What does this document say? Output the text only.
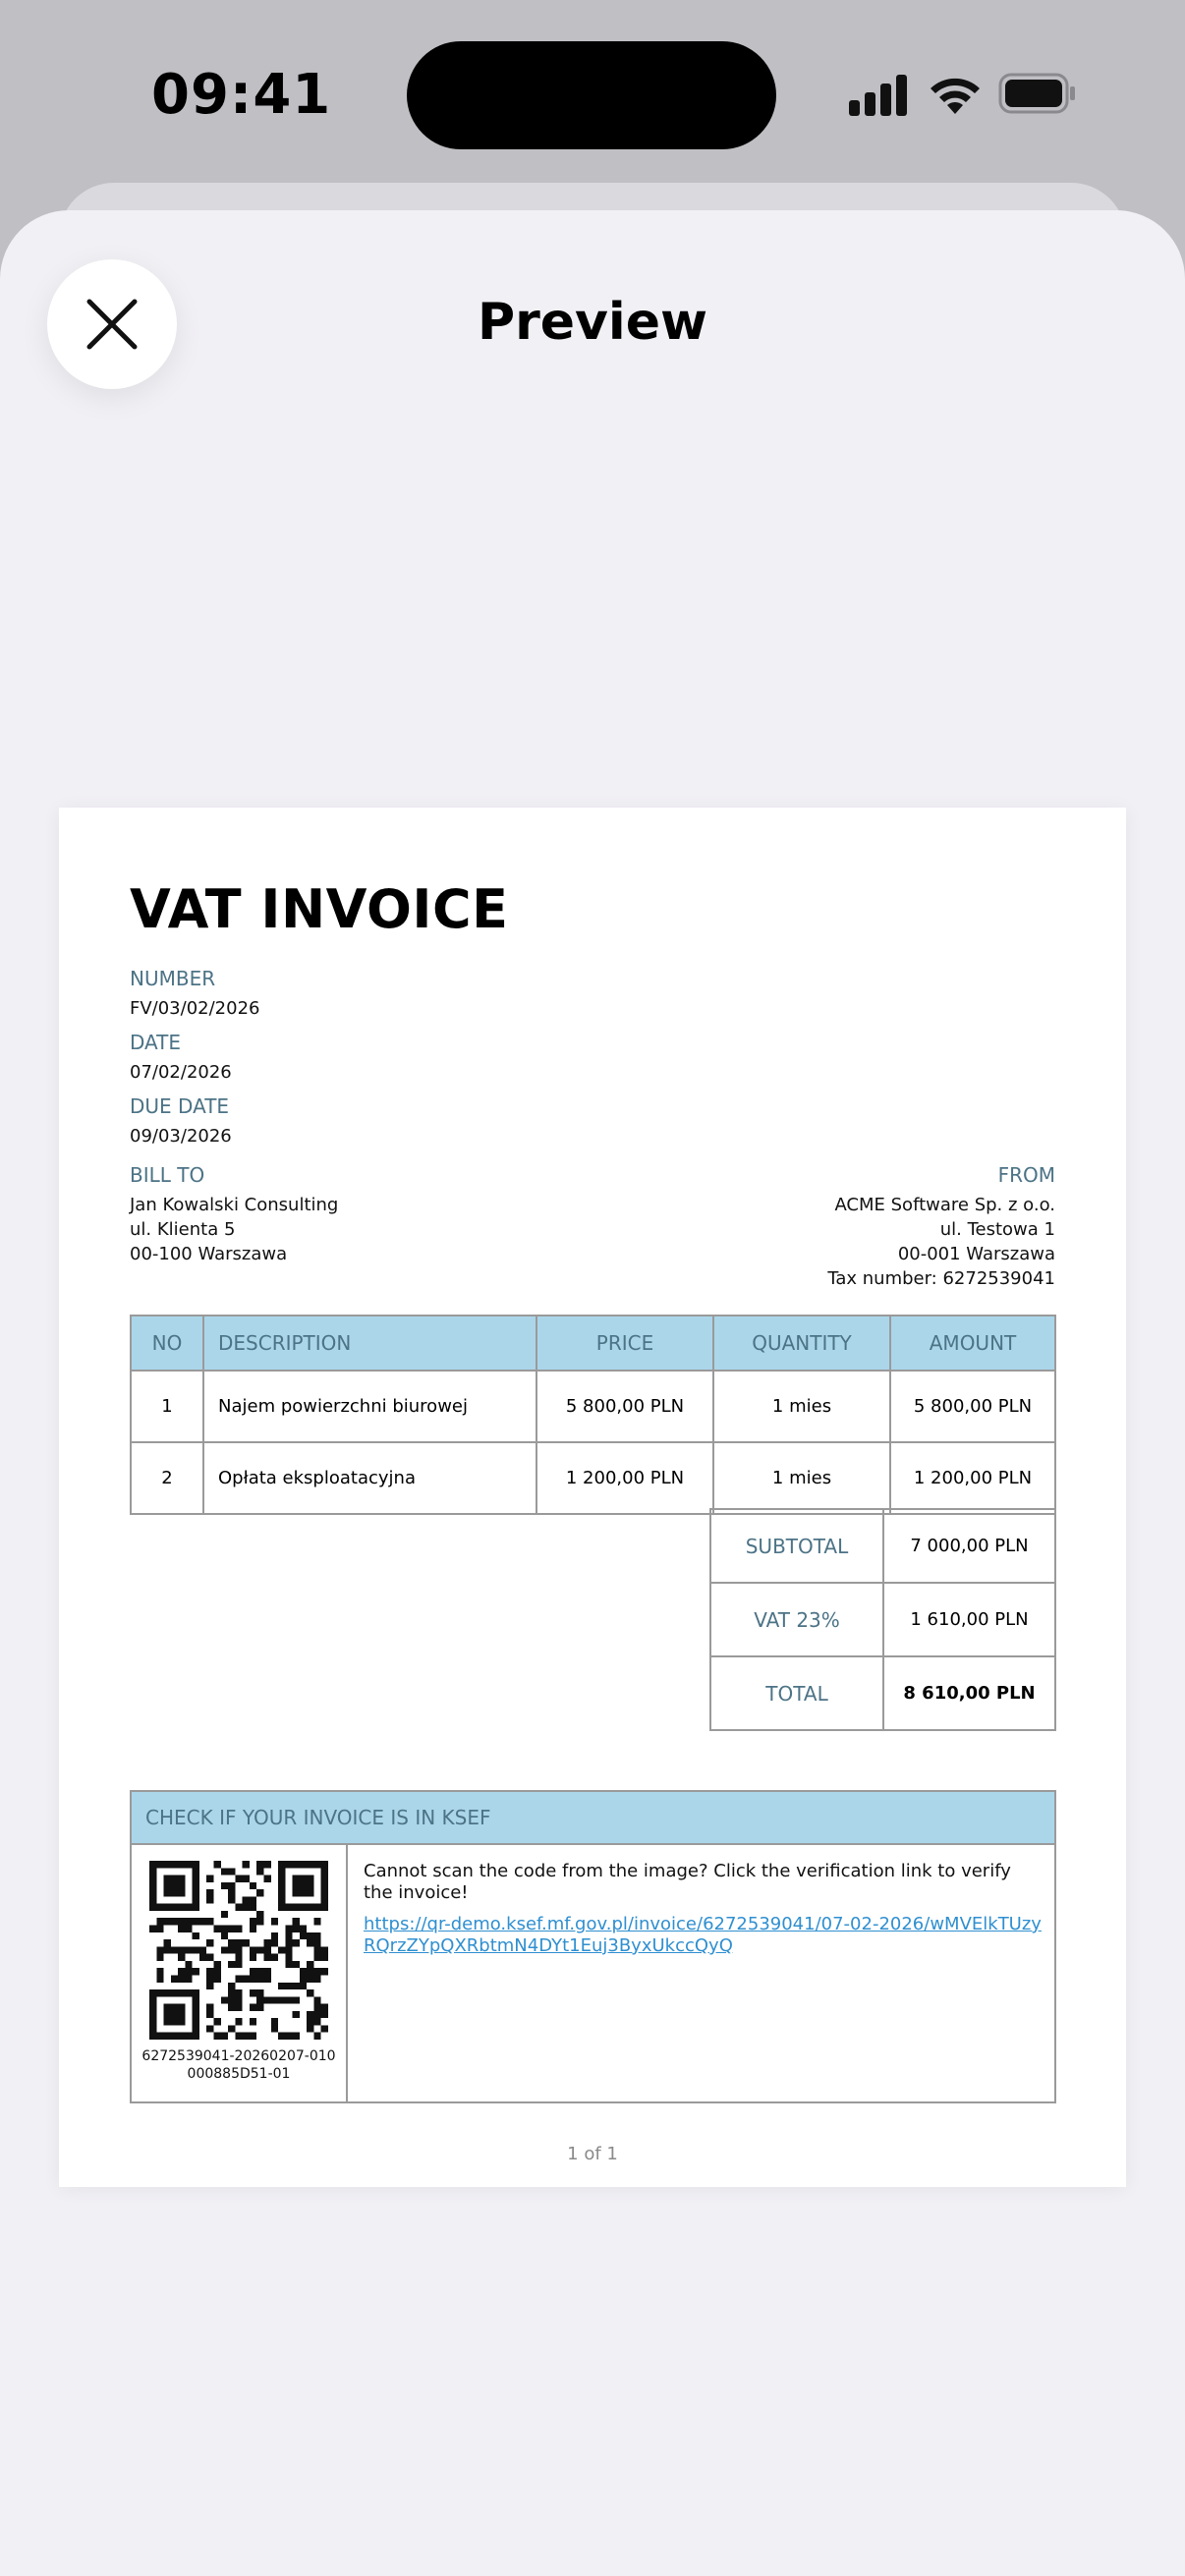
09:41
Preview
VAT INVOICE
NUMBER
FV/03/02/2026
DATE
07/02/2026
DUE DATE
09/03/2026
BILL TO
Jan Kowalski Consulting
ul. Klienta 5
00-100 Warszawa
FROM
ACME Software Sp. z o.o.
ul. Testowa 1
00-001 Warszawa
Tax number: 6272539041
NO	DESCRIPTION	PRICE	QUANTITY	AMOUNT
1	Najem powierzchni biurowej	5 800,00 PLN	1 mies	5 800,00 PLN
2	Opłata eksploatacyjna	1 200,00 PLN	1 mies	1 200,00 PLN
SUBTOTAL	7 000,00 PLN
VAT 23%	1 610,00 PLN
TOTAL	8 610,00 PLN
CHECK IF YOUR INVOICE IS IN KSEF
6272539041-20260207-010000885D51-01
Cannot scan the code from the image? Click the verification link to verify the invoice!
https://qr-demo.ksef.mf.gov.pl/invoice/6272539041/07-02-2026/wMVElkTUzyRQrzZYpQXRbtmN4DYt1Euj3ByxUkccQyQ
1 of 1
